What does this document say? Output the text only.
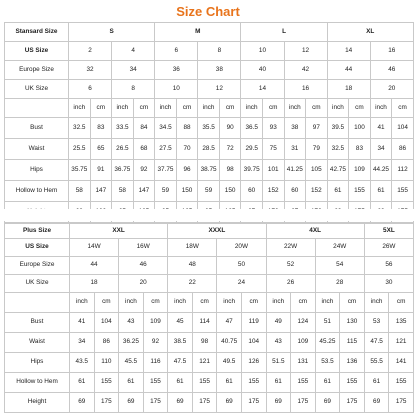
Size Chart
Stansard Size	S				M				L				XL			
US Size	2		4		6		8		10		12		14		16	
Europe Size	32		34		36		38		40		42		44		46	
UK Size	6		8		10		12		14		16		18		20	
	inch	cm	inch	cm	inch	cm	inch	cm	inch	cm	inch	cm	inch	cm	inch	cm
Bust	32.5	83	33.5	84	34.5	88	35.5	90	36.5	93	38	97	39.5	100	41	104
Waist	25.5	65	26.5	68	27.5	70	28.5	72	29.5	75	31	79	32.5	83	34	86
Hips	35.75	91	36.75	92	37.75	96	38.75	98	39.75	101	41.25	105	42.75	109	44.25	112
Hollow to Hem	58	147	58	147	59	150	59	150	60	152	60	152	61	155	61	155

Plus Size	XXL				XXXL				4XL				5XL	
US Size	14W		16W		18W		20W		22W		24W		26W	
Europe Size	44		46		48		50		52		54		56	
UK Size	18		20		22		24		26		28		30	
	inch	cm	inch	cm	inch	cm	inch	cm	inch	cm	inch	cm	inch	cm
Bust	41	104	43	109	45	114	47	119	49	124	51	130	53	135
Waist	34	86	36.25	92	38.5	98	40.75	104	43	109	45.25	115	47.5	121
Hips	43.5	110	45.5	116	47.5	121	49.5	126	51.5	131	53.5	136	55.5	141
Hollow to Hem	61	155	61	155	61	155	61	155	61	155	61	155	61	155
Height	69	175	69	175	69	175	69	175	69	175	69	175	69	175
